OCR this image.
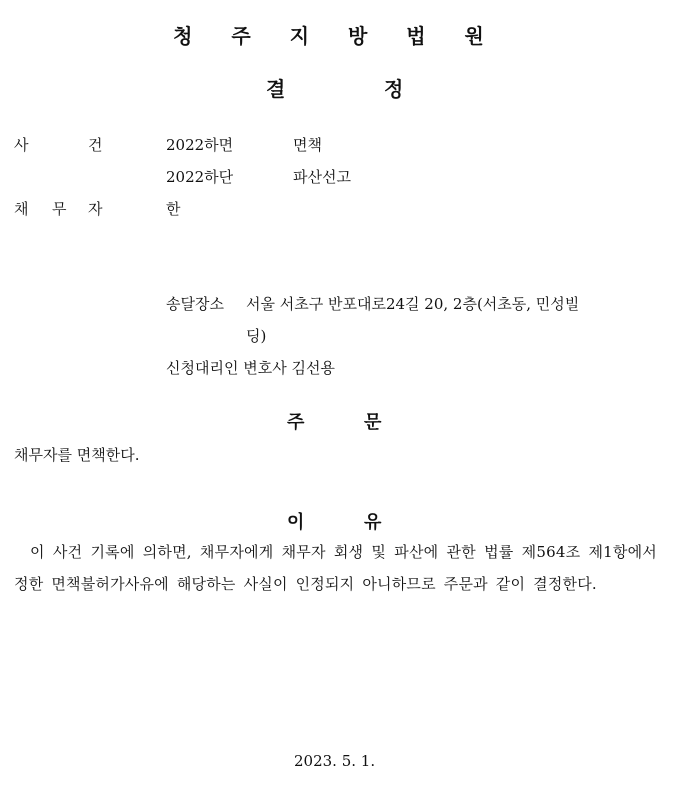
청 주 지 방 법 원
결	정
사	건	2022하면	면책
2022하단	파산선고
채 무 자	한
송달장소 서울 서초구 반포대로24길 20, 2층(서초동, 민성빌
딩)
신청대리인 변호사 김선용
주	문
채무자를 면책한다.
이	유
이 사건 기록에 의하면, 채무자에게 채무자 회생 및 파산에 관한 법률 제564조 제1항에서 정한 면책불허가사유에 해당하는 사실이 인정되지 아니하므로 주문과 같이 결정한다.
2023. 5. 1.
